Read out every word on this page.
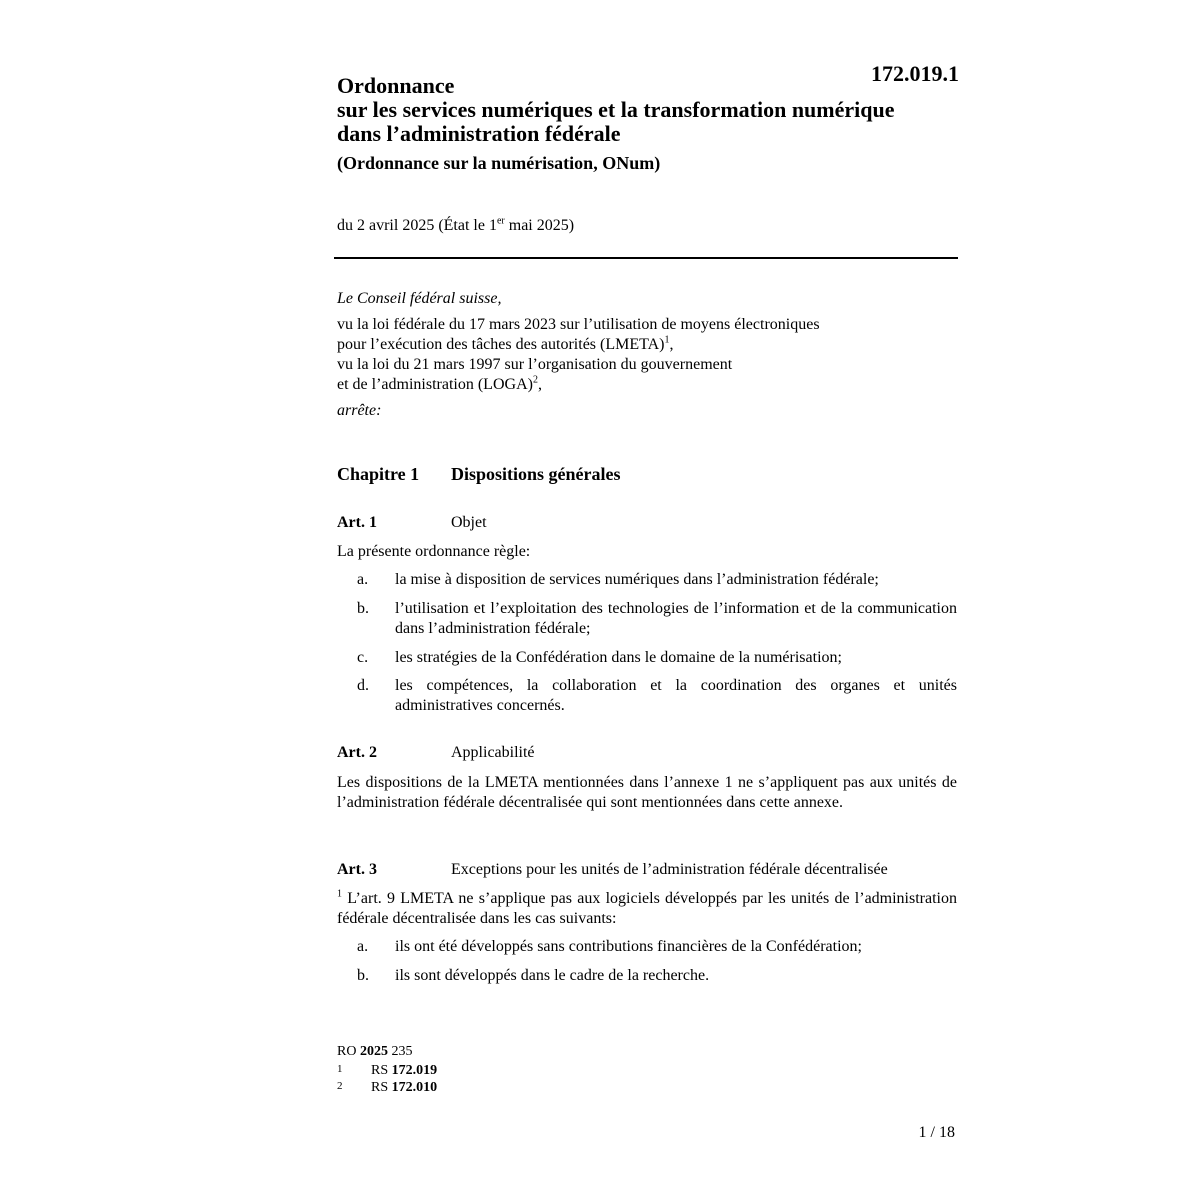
172.019.1
Ordonnance
sur les services numériques et la transformation numérique
dans l’administration fédérale
(Ordonnance sur la numérisation, ONum)
du 2 avril 2025 (État le 1er mai 2025)
Le Conseil fédéral suisse,
vu la loi fédérale du 17 mars 2023 sur l’utilisation de moyens électroniques
pour l’exécution des tâches des autorités (LMETA)$^1$,
vu la loi du 21 mars 1997 sur l’organisation du gouvernement
et de l’administration (LOGA)$^2$,
arrête:
Chapitre 1 Dispositions générales
Art. 1	Objet
La présente ordonnance règle:
a. la mise à disposition de services numériques dans l’administration fédérale;
b. l’utilisation et l’exploitation des technologies de l’information et de la communication dans l’administration fédérale;
c. les stratégies de la Confédération dans le domaine de la numérisation;
d. les compétences, la collaboration et la coordination des organes et unités administratives concernés.
Art. 2	Applicabilité
Les dispositions de la LMETA mentionnées dans l’annexe 1 ne s’appliquent pas aux unités de l’administration fédérale décentralisée qui sont mentionnées dans cette annexe.
Art. 3	Exceptions pour les unités de l’administration fédérale décentralisée
$^1$ L’art. 9 LMETA ne s’applique pas aux logiciels développés par les unités de l’administration fédérale décentralisée dans les cas suivants:
a. ils ont été développés sans contributions financières de la Confédération;
b. ils sont développés dans le cadre de la recherche.
RO 2025 235
1 RS 172.019
2 RS 172.010
1 / 18
